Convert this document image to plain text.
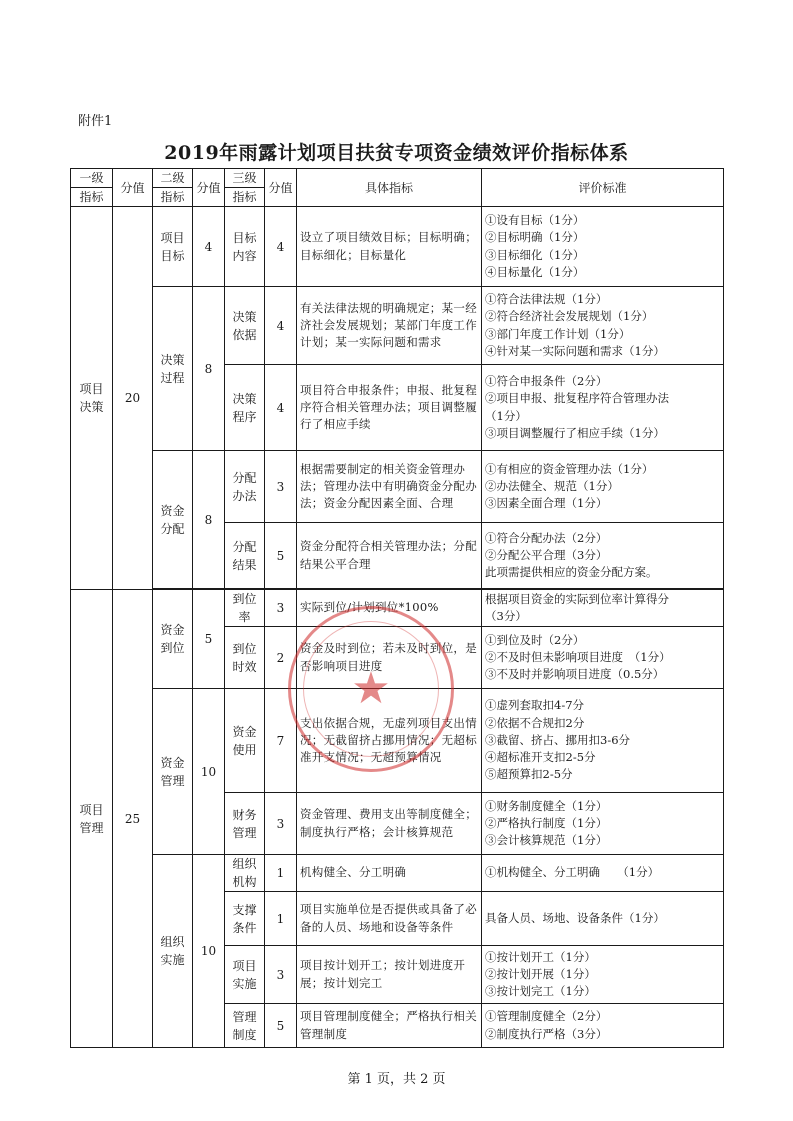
附件1
2019年雨露计划项目扶贫专项资金绩效评价指标体系
一级	分值	二级	分值	三级	分值	具体指标	评价标准
指标		指标		指标			
项目决策	20	项目目标	4	目标内容	4	设立了项目绩效目标；目标明确；目标细化；目标量化	①设有目标（1分）
②目标明确（1分）
③目标细化（1分）
④目标量化（1分）

		决策过程	8	决策依据	4	有关法律法规的明确规定；某一经济社会发展规划；某部门年度工作计划；某一实际问题和需求	①符合法律法规（1分）
②符合经济社会发展规划（1分）
③部门年度工作计划（1分）
④针对某一实际问题和需求（1分）

				决策程序	4	项目符合申报条件；申报、批复程序符合相关管理办法；项目调整履行了相应手续	①符合申报条件（2分）
②项目申报、批复程序符合管理办法
（1分）
③项目调整履行了相应手续（1分）

		资金分配	8	分配办法	3	根据需要制定的相关资金管理办法；管理办法中有明确资金分配办法；资金分配因素全面、合理	①有相应的资金管理办法（1分）
②办法健全、规范（1分）
③因素全面合理（1分）

				分配结果	5	资金分配符合相关管理办法；分配结果公平合理	①符合分配办法（2分）
②分配公平合理（3分）
此项需提供相应的资金分配方案。

项目管理	25	资金到位	5	到位率	3	实际到位/计划到位*100%	根据项目资金的实际到位率计算得分
（3分）

				到位时效	2	资金及时到位；若未及时到位，是否影响项目进度	①到位及时（2分）
②不及时但未影响项目进度　（1分）
③不及时并影响项目进度（0.5分）

		资金管理	10	资金使用	7	支出依据合规，无虚列项目支出情况；无截留挤占挪用情况；无超标准开支情况；无超预算情况	①虚列套取扣4-7分
②依据不合规扣2分
③截留、挤占、挪用扣3-6分
④超标准开支扣2-5分
⑤超预算扣2-5分

				财务管理	3	资金管理、费用支出等制度健全；制度执行严格；会计核算规范	①财务制度健全（1分）
②严格执行制度（1分）
③会计核算规范（1分）

		组织实施	10	组织机构	1	机构健全、分工明确	①机构健全、分工明确　　（1分）

				支撑条件	1	项目实施单位是否提供或具备了必备的人员、场地和设备等条件	具备人员、场地、设备条件（1分）

				项目实施	3	项目按计划开工；按计划进度开展；按计划完工	①按计划开工（1分）
②按计划开展（1分）
③按计划完工（1分）

				管理制度	5	项目管理制度健全；严格执行相关管理制度	①管理制度健全（2分）
②制度执行严格（3分）
★
第 1 页，共 2 页
